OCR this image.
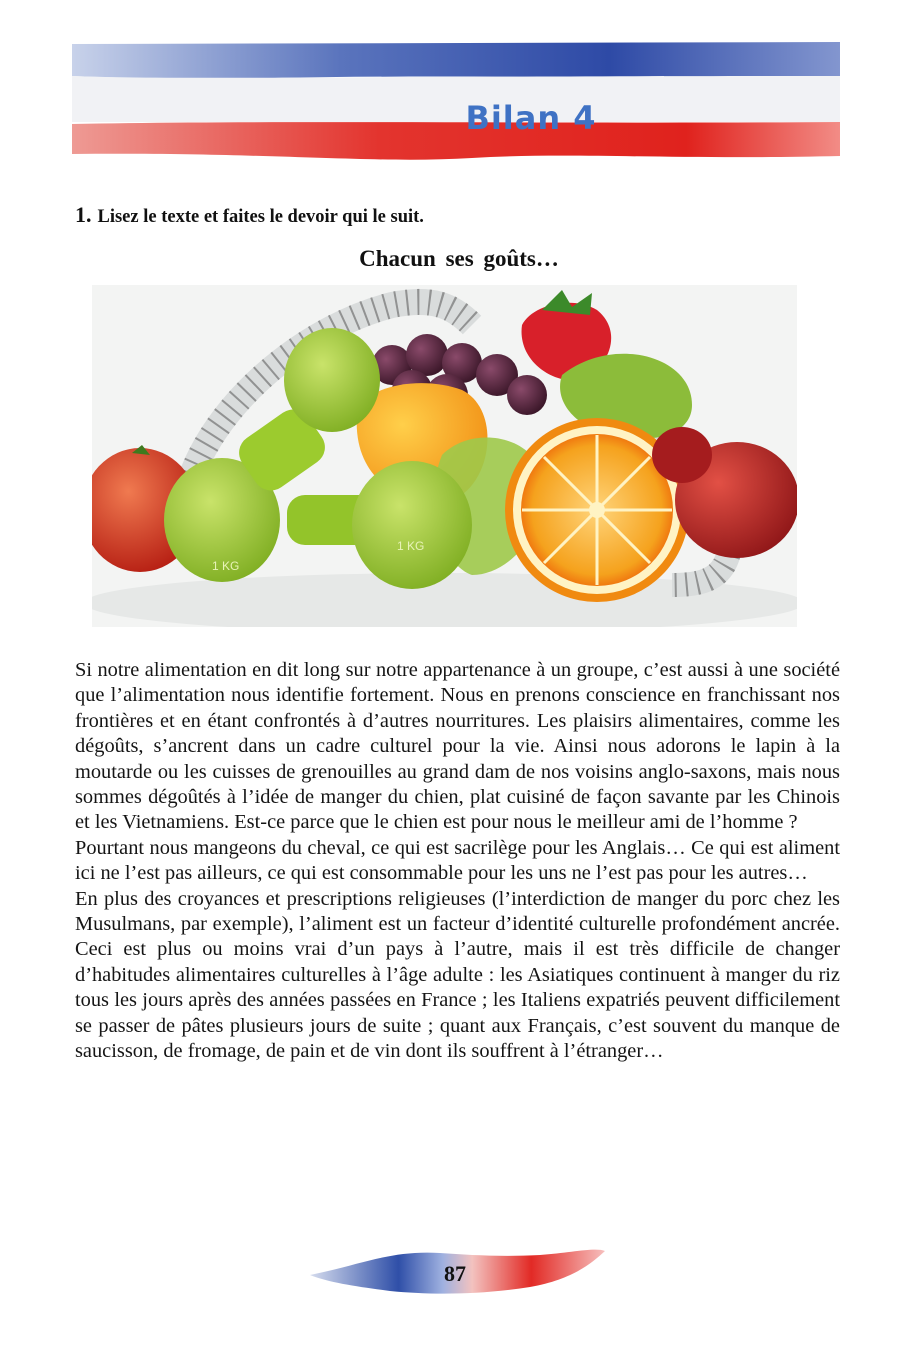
Bilan 4
1. Lisez le texte et faites le devoir qui le suit.
Chacun ses goûts…
1 KG
1 KG

Si notre alimentation en dit long sur notre appartenance à un groupe, c’est aussi à une société que l’alimentation nous identifie fortement. Nous en prenons conscience en franchissant nos frontières et en étant confrontés à d’autres nourritures. Les plaisirs alimentaires, comme les dégoûts, s’ancrent dans un cadre culturel pour la vie. Ainsi nous adorons le lapin à la moutarde ou les cuisses de grenouilles au grand dam de nos voisins anglo-saxons, mais nous sommes dégoûtés à l’idée de manger du chien, plat cuisiné de façon savante par les Chinois et les Vietnamiens. Est-ce parce que le chien est pour nous le meilleur ami de l’homme ?

Pourtant nous mangeons du cheval, ce qui est sacrilège pour les Anglais… Ce qui est aliment ici ne l’est pas ailleurs, ce qui est consommable pour les uns ne l’est pas pour les autres…

En plus des croyances et prescriptions religieuses (l’interdiction de manger du porc chez les Musulmans, par exemple), l’aliment est un facteur d’identité culturelle profondément ancrée. Ceci est plus ou moins vrai d’un pays à l’autre, mais il est très difficile de changer d’habitudes alimentaires culturelles à l’âge adulte : les Asiatiques continuent à manger du riz tous les jours après des années passées en France ; les Italiens expatriés peuvent difficilement se passer de pâtes plusieurs jours de suite ; quant aux Français, c’est souvent du manque de saucisson, de fromage, de pain et de vin dont ils souffrent à l’étranger…

87
